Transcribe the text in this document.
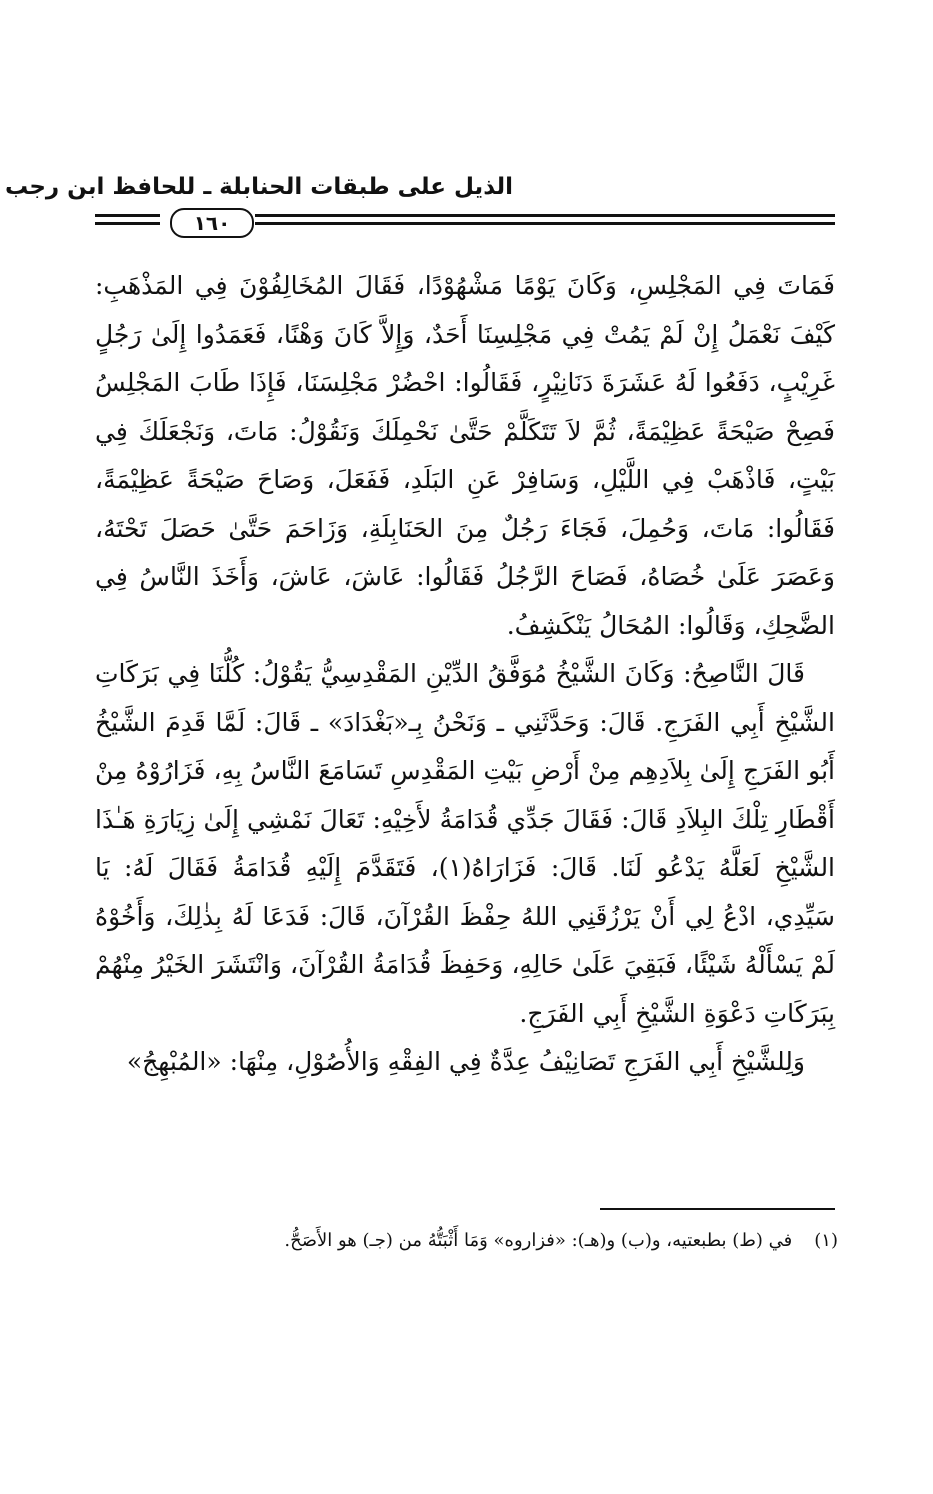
الذيل على طبقات الحنابلة ـ للحافظ ابن رجب
١٦٠

فَمَاتَ فِي المَجْلِسِ، وَكَانَ يَوْمًا مَشْهُوْدًا، فَقَالَ المُخَالِفُوْنَ فِي المَذْهَبِ: كَيْفَ نَعْمَلُ إِنْ لَمْ يَمُتْ فِي مَجْلِسِنَا أَحَدٌ، وَإِلاَّ كَانَ وَهْنًا، فَعَمَدُوا إِلَىٰ رَجُلٍ غَرِيْبٍ، دَفَعُوا لَهُ عَشَرَةَ دَنَانِيْرٍ، فَقَالُوا: احْضُرْ مَجْلِسَنَا، فَإِذَا طَابَ المَجْلِسُ فَصِحْ صَيْحَةً عَظِيْمَةً، ثُمَّ لاَ تَتَكَلَّمْ حَتَّىٰ نَحْمِلَكَ وَنَقُوْلُ: مَاتَ، وَنَجْعَلَكَ فِي بَيْتٍ، فَاذْهَبْ فِي اللَّيْلِ، وَسَافِرْ عَنِ البَلَدِ، فَفَعَلَ، وَصَاحَ صَيْحَةً عَظِيْمَةً، فَقَالُوا: مَاتَ، وَحُمِلَ، فَجَاءَ رَجُلٌ مِنَ الحَنَابِلَةِ، وَزَاحَمَ حَتَّىٰ حَصَلَ تَحْتَهُ، وَعَصَرَ عَلَىٰ خُصَاهُ، فَصَاحَ الرَّجُلُ فَقَالُوا: عَاشَ، عَاشَ، وَأَخَذَ النَّاسُ فِي الضَّحِكِ، وَقَالُوا: المُحَالُ يَنْكَشِفُ.

قَالَ النَّاصِحُ: وَكَانَ الشَّيْخُ مُوَفَّقُ الدِّيْنِ المَقْدِسِيُّ يَقُوْلُ: كُلُّنَا فِي بَرَكَاتِ الشَّيْخِ أَبِي الفَرَجِ. قَالَ: وَحَدَّثَنِي ـ وَنَحْنُ بِـ«بَغْدَادَ» ـ قَالَ: لَمَّا قَدِمَ الشَّيْخُ أَبُو الفَرَجِ إِلَىٰ بِلاَدِهِم مِنْ أَرْضِ بَيْتِ المَقْدِسِ تَسَامَعَ النَّاسُ بِهِ، فَزَارُوْهُ مِنْ أَقْطَارِ تِلْكَ البِلاَدِ قَالَ: فَقَالَ جَدِّي قُدَامَةُ لأَخِيْهِ: تَعَالَ نَمْشِي إِلَىٰ زِيَارَةِ هَـٰذَا الشَّيْخِ لَعَلَّهُ يَدْعُو لَنَا. قَالَ: فَزَارَاهُ(١)، فَتَقَدَّمَ إِلَيْهِ قُدَامَةُ فَقَالَ لَهُ: يَا سَيِّدِي، ادْعُ لِي أَنْ يَرْزُقَنِي اللهُ حِفْظَ القُرْآنَ، قَالَ: فَدَعَا لَهُ بِذٰلِكَ، وَأَخُوْهُ لَمْ يَسْأَلْهُ شَيْئًا، فَبَقِيَ عَلَىٰ حَالِهِ، وَحَفِظَ قُدَامَةُ القُرْآنَ، وَانْتَشَرَ الخَيْرُ مِنْهُمْ بِبَرَكَاتِ دَعْوَةِ الشَّيْخِ أَبِي الفَرَجِ.

وَلِلشَّيْخِ أَبِي الفَرَجِ تَصَانِيْفُ عِدَّةٌ فِي الفِقْهِ وَالأُصُوْلِ، مِنْهَا: «المُبْهِجُ»

(١)في (ط) بطبعتيه، و(ب) و(هـ): «فزاروه» وَمَا أَثْبَتُّهُ من (جـ) هو الأَصَحُّ.
